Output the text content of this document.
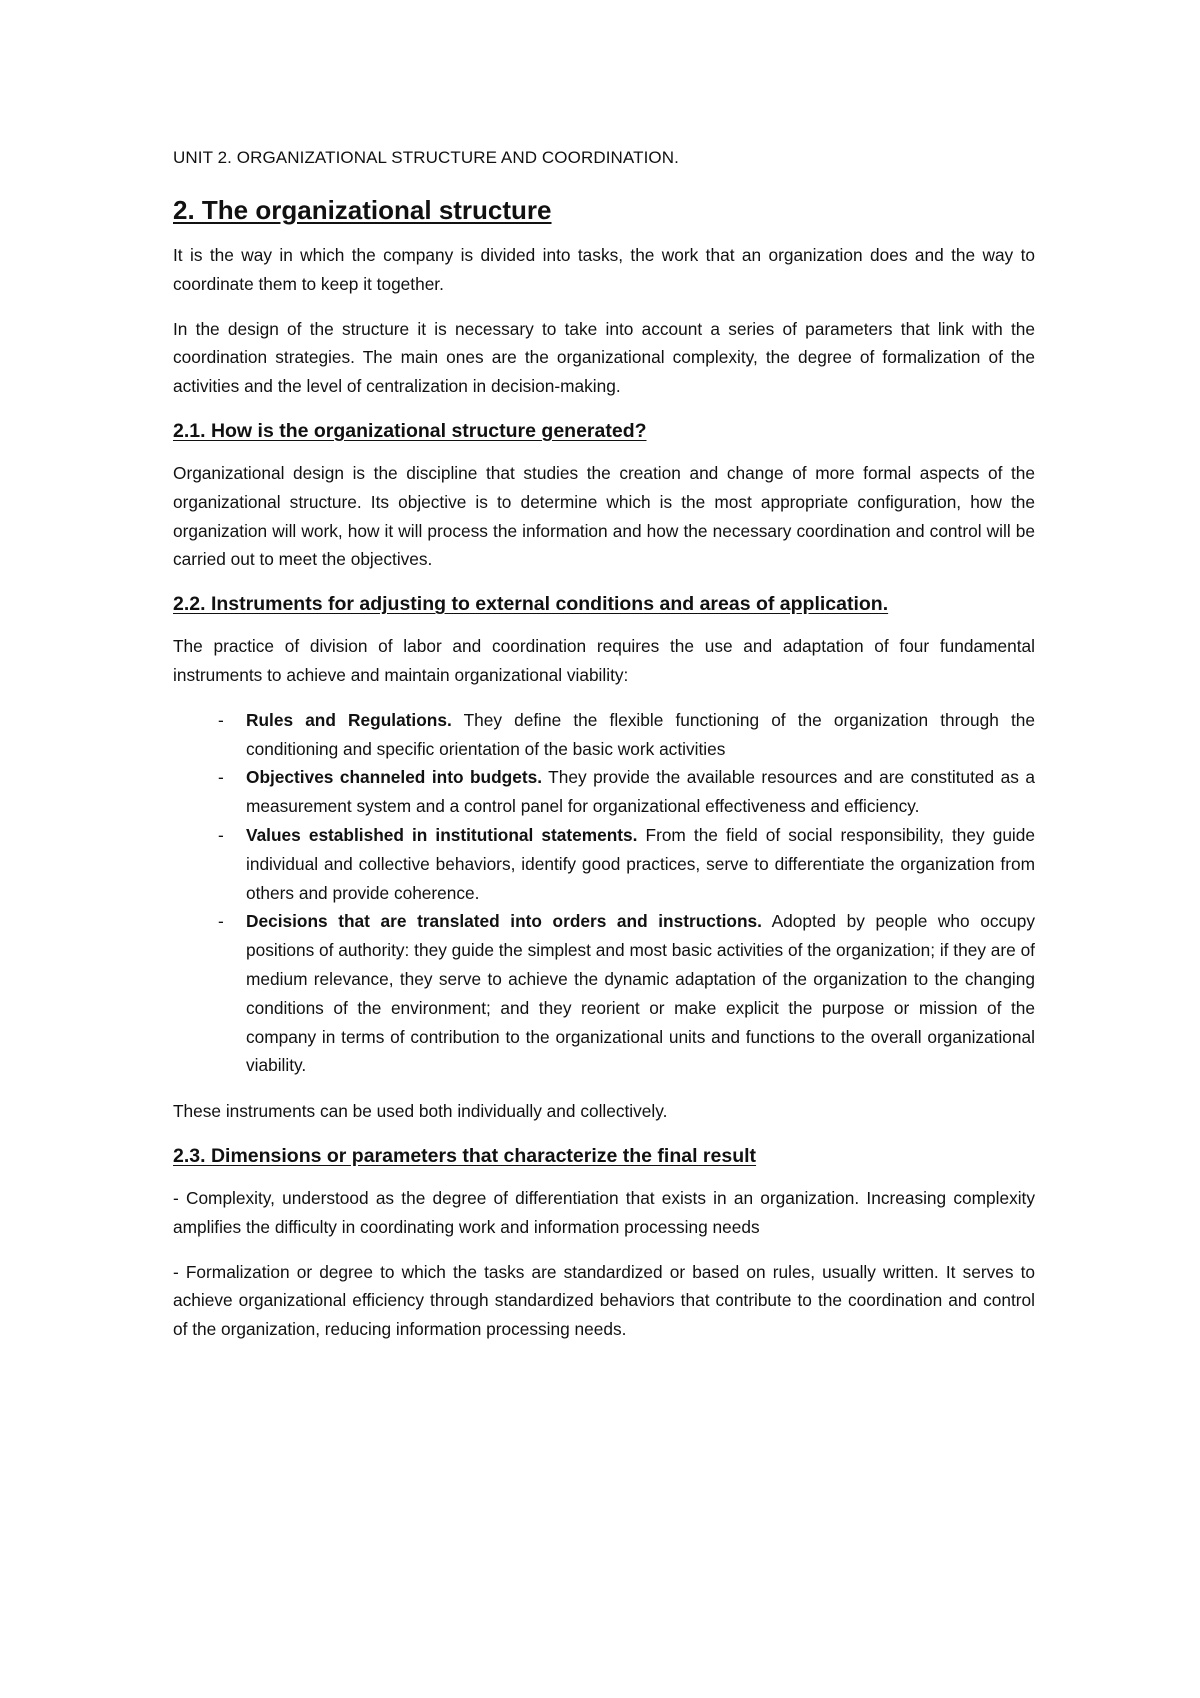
UNIT 2. ORGANIZATIONAL STRUCTURE AND COORDINATION.
2. The organizational structure

It is the way in which the company is divided into tasks, the work that an organization does and the way to coordinate them to keep it together.

In the design of the structure it is necessary to take into account a series of parameters that link with the coordination strategies. The main ones are the organizational complexity, the degree of formalization of the activities and the level of centralization in decision-making.

2.1. How is the organizational structure generated?

Organizational design is the discipline that studies the creation and change of more formal aspects of the organizational structure. Its objective is to determine which is the most appropriate configuration, how the organization will work, how it will process the information and how the necessary coordination and control will be carried out to meet the objectives.

2.2. Instruments for adjusting to external conditions and areas of application.

The practice of division of labor and coordination requires the use and adaptation of four fundamental instruments to achieve and maintain organizational viability:

- Rules and Regulations. They define the flexible functioning of the organization through the conditioning and specific orientation of the basic work activities
- Objectives channeled into budgets. They provide the available resources and are constituted as a measurement system and a control panel for organizational effectiveness and efficiency.
- Values established in institutional statements. From the field of social responsibility, they guide individual and collective behaviors, identify good practices, serve to differentiate the organization from others and provide coherence.
- Decisions that are translated into orders and instructions. Adopted by people who occupy positions of authority: they guide the simplest and most basic activities of the organization; if they are of medium relevance, they serve to achieve the dynamic adaptation of the organization to the changing conditions of the environment; and they reorient or make explicit the purpose or mission of the company in terms of contribution to the organizational units and functions to the overall organizational viability.

These instruments can be used both individually and collectively.

2.3. Dimensions or parameters that characterize the final result

- Complexity, understood as the degree of differentiation that exists in an organization. Increasing complexity amplifies the difficulty in coordinating work and information processing needs

- Formalization or degree to which the tasks are standardized or based on rules, usually written. It serves to achieve organizational efficiency through standardized behaviors that contribute to the coordination and control of the organization, reducing information processing needs.
